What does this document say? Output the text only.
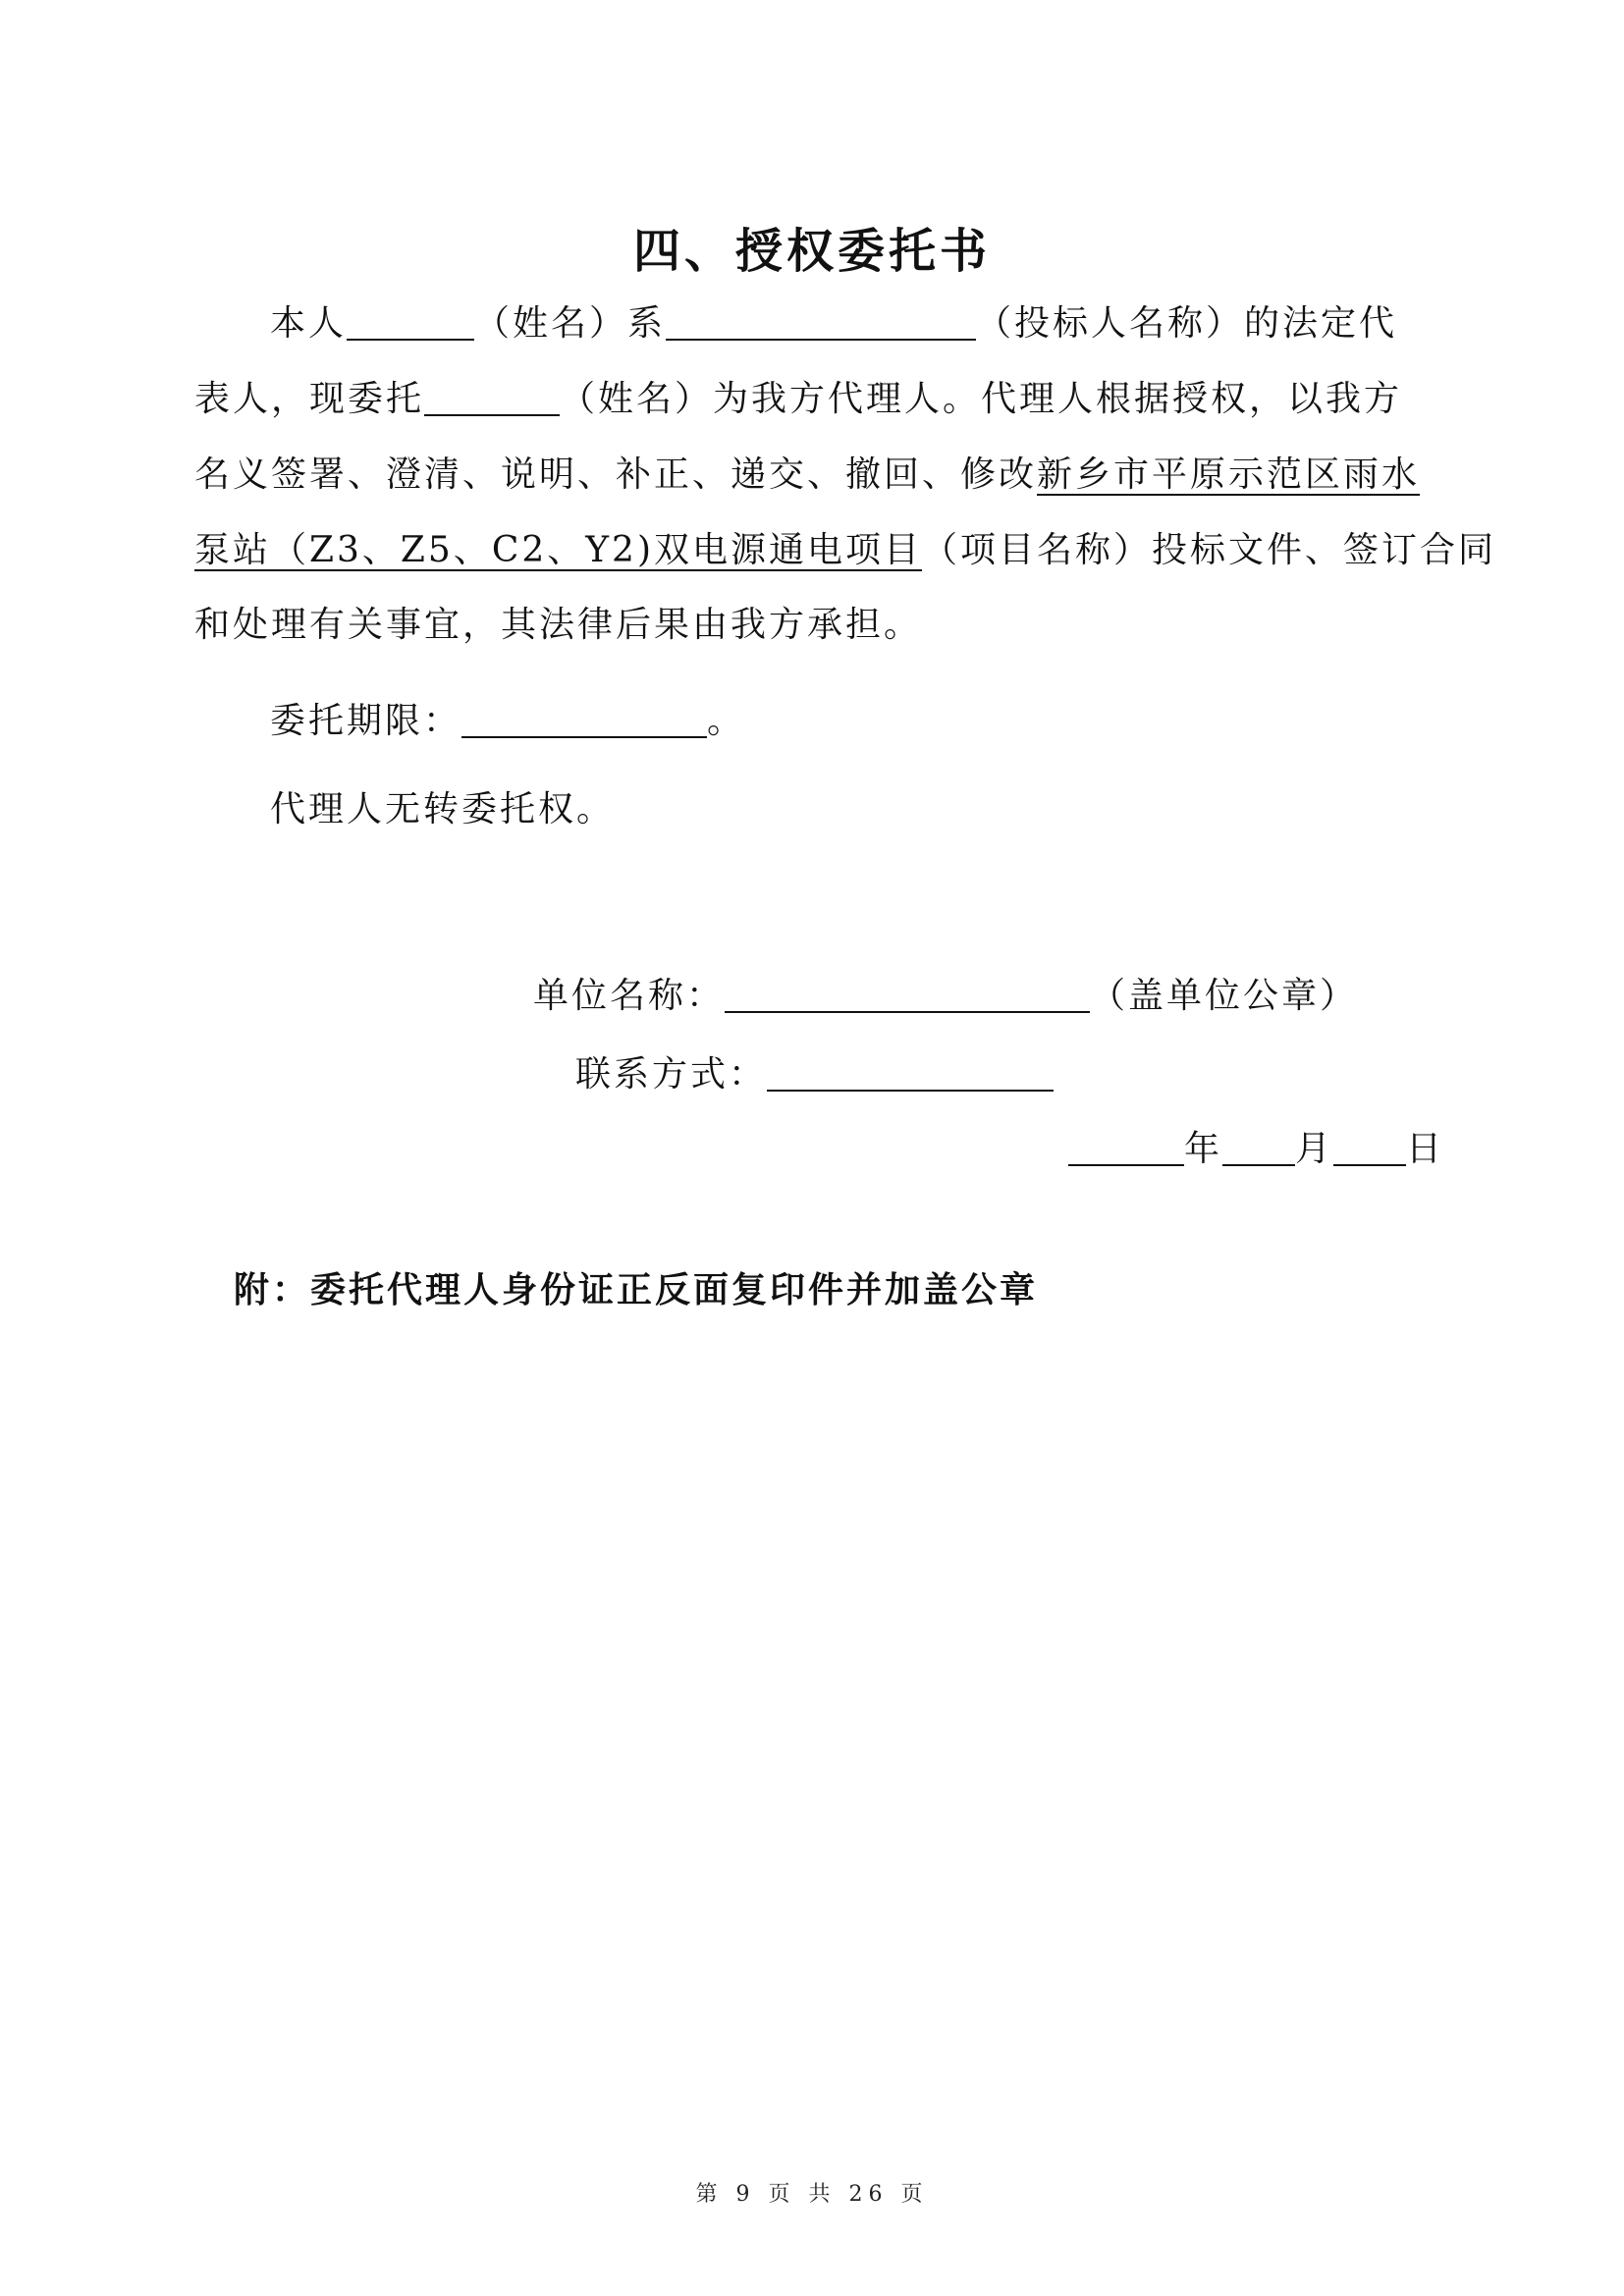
四、授权委托书
本人	（姓名）系	（投标人名称）的法定代
表人，现委托	（姓名）为我方代理人。代理人根据授权，以我方
名义签署、澄清、说明、补正、递交、撤回、修改新乡市平原示范区雨水
泵站（Z3、Z5、C2、Y2)双电源通电项目（项目名称）投标文件、签订合同
和处理有关事宜，其法律后果由我方承担。
委托期限：	。
代理人无转委托权。
单位名称：	（盖单位公章）
联系方式：
年 月 日
附：委托代理人身份证正反面复印件并加盖公章
第 9 页 共 26 页
